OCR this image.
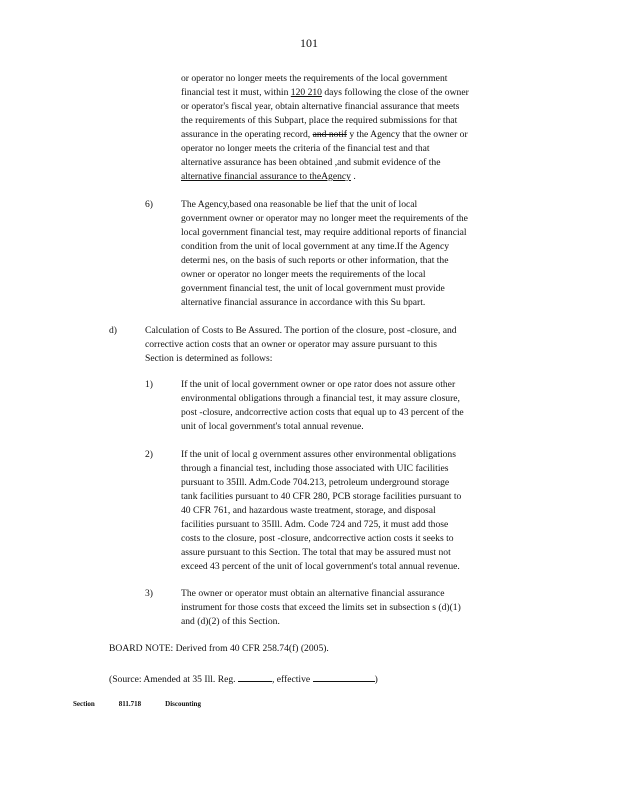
101
or operator no longer meets the requirements of the local government
financial test it must, within 120 210 days following the close of the owner
or operator's fiscal year, obtain alternative financial assurance that meets
the requirements of this Subpart, place the required submissions for that
assurance in the operating record, and notif y the Agency that the owner or
operator no longer meets the criteria of the financial test and that
alternative assurance has been obtained ,and submit evidence of the
alternative financial assurance to theAgency .
6)	The Agency,based ona reasonable be lief that the unit of local
government owner or operator may no longer meet the requirements of the
local government financial test, may require additional reports of financial
condition from the unit of local government at any time.If the Agency
determi nes, on the basis of such reports or other information, that the
owner or operator no longer meets the requirements of the local
government financial test, the unit of local government must provide
alternative financial assurance in accordance with this Su bpart.
d)	Calculation of Costs to Be Assured. The portion of the closure, post -closure, and
corrective action costs that an owner or operator may assure pursuant to this
Section is determined as follows:
1)	If the unit of local government owner or ope rator does not assure other
environmental obligations through a financial test, it may assure closure,
post -closure, andcorrective action costs that equal up to 43 percent of the
unit of local government's total annual revenue.
2)	If the unit of local g overnment assures other environmental obligations
through a financial test, including those associated with UIC facilities
pursuant to 35Ill. Adm.Code 704.213, petroleum underground storage
tank facilities pursuant to 40 CFR 280, PCB storage facilities pursuant to
40 CFR 761, and hazardous waste treatment, storage, and disposal
facilities pursuant to 35Ill. Adm. Code 724 and 725, it must add those
costs to the closure, post -closure, andcorrective action costs it seeks to
assure pursuant to this Section. The total that may be assured must not
exceed 43 percent of the unit of local government's total annual revenue.
3)	The owner or operator must obtain an alternative financial assurance
instrument for those costs that exceed the limits set in subsection s (d)(1)
and (d)(2) of this Section.
BOARD NOTE: Derived from 40 CFR 258.74(f) (2005).
(Source: Amended at 35 Ill. Reg.	, effective	)
Section	811.718	Discounting
